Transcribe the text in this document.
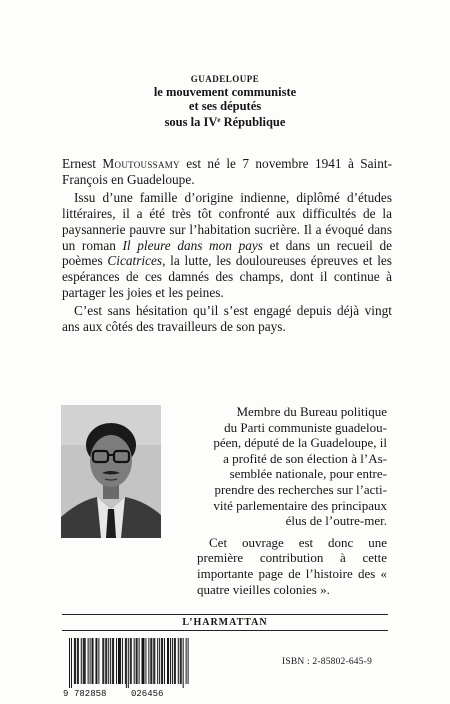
GUADELOUPE
le mouvement communiste
et ses députés
sous la IVe République

Ernest Moutoussamy est né le 7 novembre 1941 à Saint-François en Guadeloupe.

Issu d’une famille d’origine indienne, diplômé d’études littéraires, il a été très tôt confronté aux difficultés de la paysannerie pauvre sur l’habitation sucrière. Il a évoqué dans un roman Il pleure dans mon pays et dans un recueil de poèmes Cicatrices, la lutte, les douloureuses épreuves et les espérances de ces damnés des champs, dont il continue à partager les joies et les peines.

C’est sans hésitation qu’il s’est engagé depuis déjà vingt ans aux côtés des travailleurs de son pays.

Membre du Bureau politique
du Parti communiste guadelou-
péen, député de la Guadeloupe, il
a profité de son élection à l’As-
semblée nationale, pour entre-
prendre des recherches sur l’acti-
vité parlementaire des principaux
élus de l’outre-mer.

Cet ouvrage est donc une première contribution à cette importante page de l’histoire des « quatre vieilles colonies ».

L’HARMATTAN
9 782858	026456
ISBN : 2-85802-645-9
